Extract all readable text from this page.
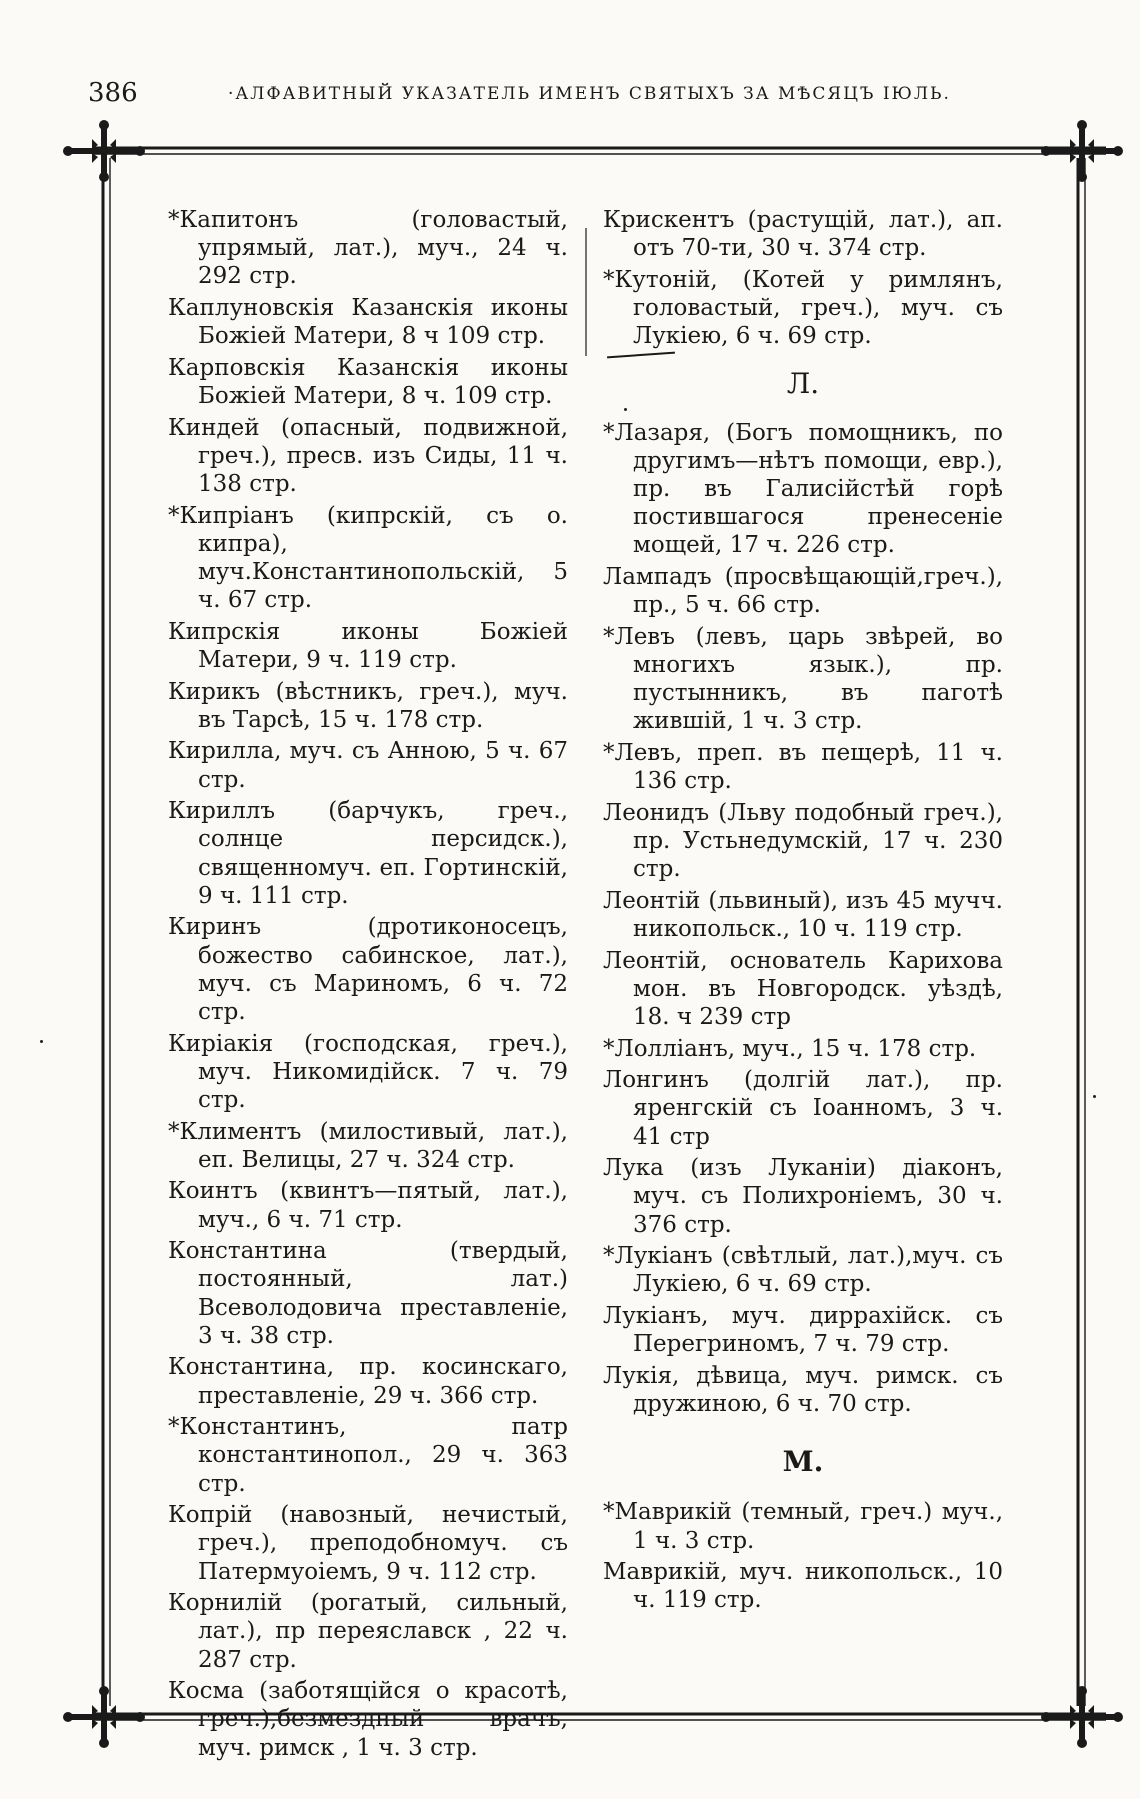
386	·АЛФАВИТНЫЙ УКАЗАТЕЛЬ ИМЕНЪ СВЯТЫХЪ ЗА МѢСЯЦЪ ІЮЛЬ.

*Капитонъ (головастый, упрямый, лат.), муч., 24 ч. 292 стр.

Каплуновскія Казанскія иконы Божіей Матери, 8 ч 109 стр.

Карповскія Казанскія иконы Божіей Матери, 8 ч. 109 стр.

Киндей (опасный, подвижной, греч.), пресв. изъ Сиды, 11 ч. 138 стр.

*Кипріанъ (кипрскій, съ о. кипра), муч.Константинопольскій, 5 ч. 67 стр.

Кипрскія иконы Божіей Матери, 9 ч. 119 стр.

Кирикъ (вѣстникъ, греч.), муч. въ Тарсѣ, 15 ч. 178 стр.

Кирилла, муч. съ Анною, 5 ч. 67 стр.

Кириллъ (барчукъ, греч., солнце персидск.), священномуч. еп. Гортинскій, 9 ч. 111 стр.

Киринъ (дротиконосецъ, божество сабинское, лат.), муч. съ Мариномъ, 6 ч. 72 стр.

Киріакія (господская, греч.), муч. Никомидійск. 7 ч. 79 стр.

*Климентъ (милостивый, лат.), еп. Велицы, 27 ч. 324 стр.

Коинтъ (квинтъ—пятый, лат.), муч., 6 ч. 71 стр.

Константина (твердый, постоянный, лат.) Всеволодовича преставленіе, 3 ч. 38 стр.

Константина, пр. косинскаго, преставленіе, 29 ч. 366 стр.

*Константинъ, патр константинопол., 29 ч. 363 стр.

Копрій (навозный, нечистый, греч.), преподобномуч. съ Патермуоіемъ, 9 ч. 112 стр.

Корнилій (рогатый, сильный, лат.), пр переяславск , 22 ч. 287 стр.

Косма (заботящійся о красотѣ, греч.),безмездный врачъ, муч. римск , 1 ч. 3 стр.

Крискентъ (растущій, лат.), ап. отъ 70-ти, 30 ч. 374 стр.

*Кутоній, (Котей у римлянъ, головастый, греч.), муч. съ Лукіею, 6 ч. 69 стр.

Л.

*Лазаря, (Богъ помощникъ, по другимъ—нѣтъ помощи, евр.), пр. въ Галисійстѣй горѣ постившагося пренесеніе мощей, 17 ч. 226 стр.

Лампадъ (просвѣщающій,греч.), пр., 5 ч. 66 стр.

*Левъ (левъ, царь звѣрей, во многихъ язык.), пр. пустынникъ, въ паготѣ жившій, 1 ч. 3 стр.

*Левъ, преп. въ пещерѣ, 11 ч. 136 стр.

Леонидъ (Льву подобный греч.), пр. Устьнедумскій, 17 ч. 230 стр.

Леонтій (львиный), изъ 45 мучч. никопольск., 10 ч. 119 стр.

Леонтій, основатель Карихова мон. въ Новгородск. уѣздѣ, 18. ч 239 стр

*Лолліанъ, муч., 15 ч. 178 стр.

Лонгинъ (долгій лат.), пр. яренгскій съ Іоанномъ, 3 ч. 41 стр

Лука (изъ Луканіи) діаконъ, муч. съ Полихроніемъ, 30 ч. 376 стр.

*Лукіанъ (свѣтлый, лат.),муч. съ Лукіею, 6 ч. 69 стр.

Лукіанъ, муч. диррахійск. съ Перегриномъ, 7 ч. 79 стр.

Лукія, дѣвица, муч. римск. съ дружиною, 6 ч. 70 стр.

М.

*Маврикій (темный, греч.) муч., 1 ч. 3 стр.

Маврикій, муч. никопольск., 10 ч. 119 стр.
